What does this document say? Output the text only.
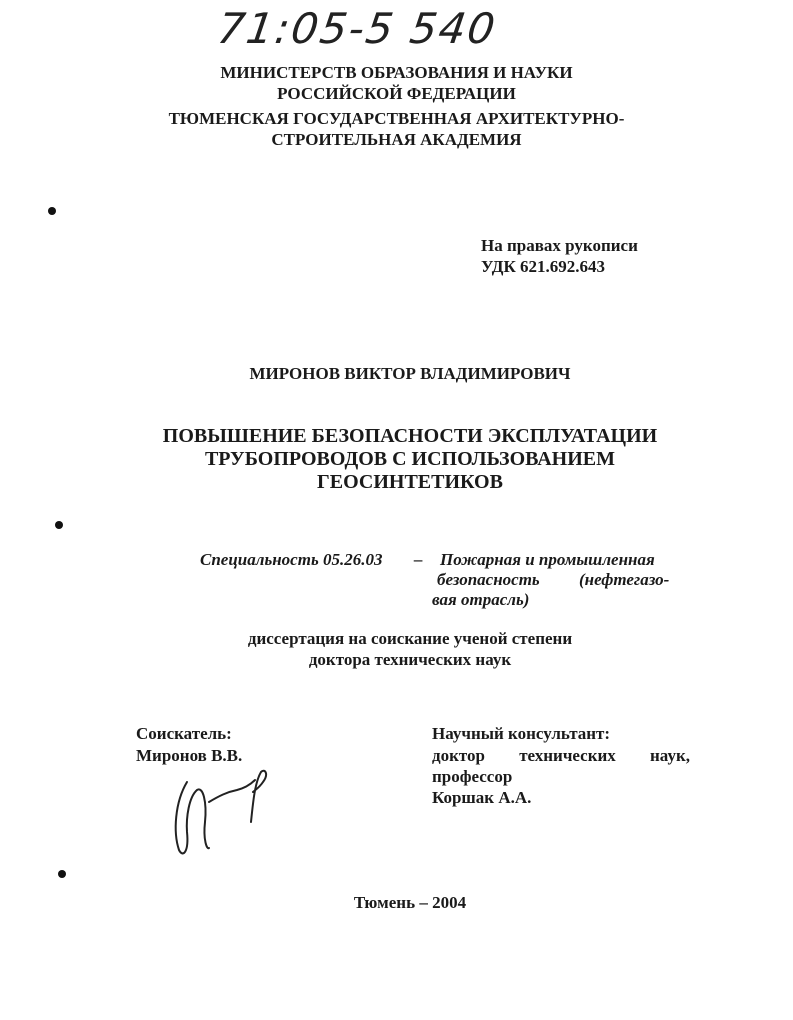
71:05-5 540
МИНИСТЕРСТВ ОБРАЗОВАНИЯ И НАУКИ
РОССИЙСКОЙ ФЕДЕРАЦИИ
ТЮМЕНСКАЯ ГОСУДАРСТВЕННАЯ АРХИТЕКТУРНО-
СТРОИТЕЛЬНАЯ АКАДЕМИЯ
На правах рукописи
УДК 621.692.643
МИРОНОВ ВИКТОР ВЛАДИМИРОВИЧ
ПОВЫШЕНИЕ БЕЗОПАСНОСТИ ЭКСПЛУАТАЦИИ
ТРУБОПРОВОДОВ С ИСПОЛЬЗОВАНИЕМ
ГЕОСИНТЕТИКОВ
Специальность 05.26.03 – Пожарная и промышленная
безопасность (нефтегазо-
вая отрасль)
диссертация на соискание ученой степени
доктора технических наук
Соискатель:
Миронов В.В.
Научный консультант:
доктор технических наук,
профессор
Коршак А.А.
Тюмень – 2004
